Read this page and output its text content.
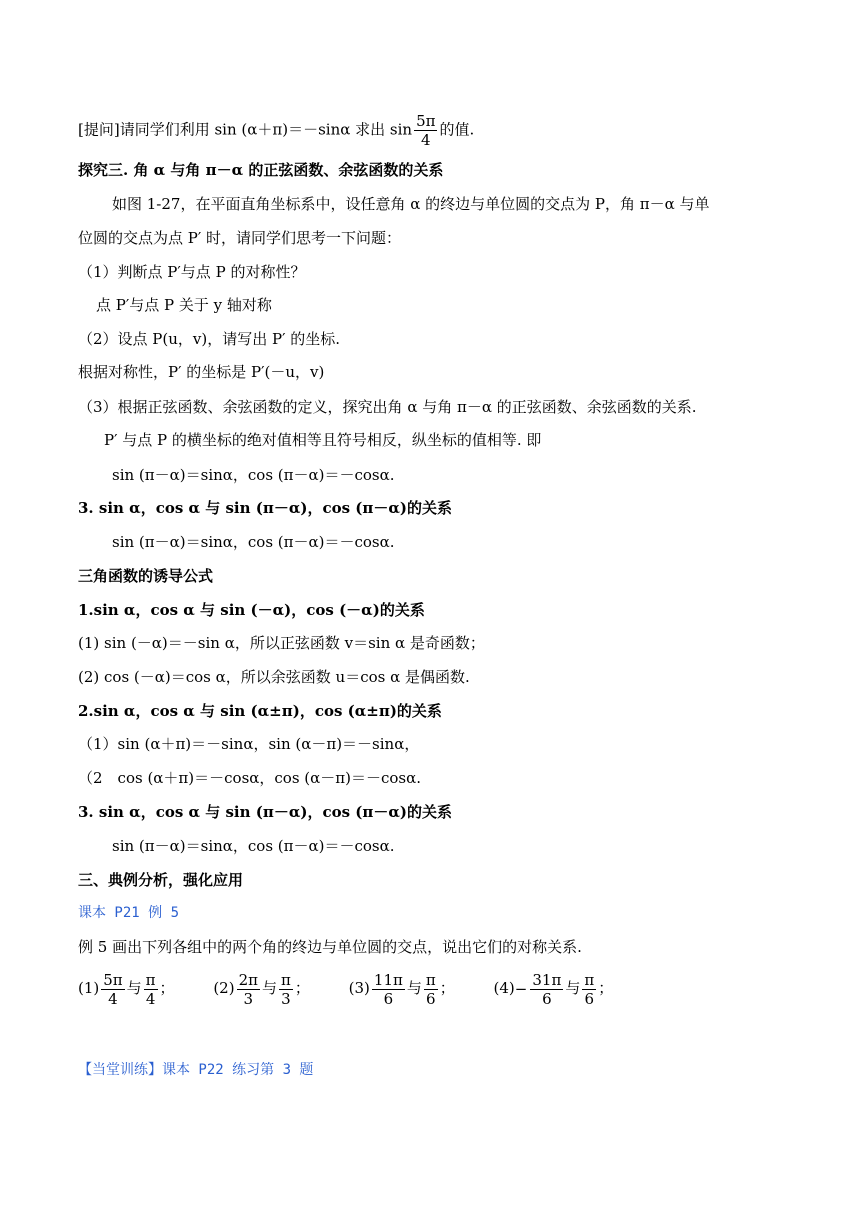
[提问]请同学们利用 sin (α＋π)＝－sinα 求出 $\sin \frac{5\pi}{4}$ 的值.
探究三. 角 α 与角 π－α 的正弦函数、余弦函数的关系
如图 1-27，在平面直角坐标系中，设任意角 α 的终边与单位圆的交点为 P，角 π－α 与单
位圆的交点为点 P′ 时，请同学们思考一下问题：
（1）判断点 P′与点 P 的对称性？
点 P′与点 P 关于 y 轴对称
（2）设点 P(u，v)，请写出 P′ 的坐标.
根据对称性，P′ 的坐标是 P′(－u，v)
（3）根据正弦函数、余弦函数的定义，探究出角 α 与角 π－α 的正弦函数、余弦函数的关系.
P′ 与点 P 的横坐标的绝对值相等且符号相反，纵坐标的值相等. 即
sin (π－α)＝sinα，cos (π－α)＝－cosα.
3. sin α，cos α 与 sin (π－α)，cos (π－α)的关系
sin (π－α)＝sinα，cos (π－α)＝－cosα.
三角函数的诱导公式
1.sin α，cos α 与 sin (－α)，cos (－α)的关系
(1) sin (－α)＝－sin α，所以正弦函数 v＝sin α 是奇函数；
(2) cos (－α)＝cos α，所以余弦函数 u＝cos α 是偶函数.
2.sin α，cos α 与 sin (α±π)，cos (α±π)的关系
（1）sin (α＋π)＝－sinα，sin (α－π)＝－sinα，
（2　cos (α＋π)＝－cosα，cos (α－π)＝－cosα.
3. sin α，cos α 与 sin (π－α)，cos (π－α)的关系
sin (π－α)＝sinα，cos (π－α)＝－cosα.
三、典例分析，强化应用
课本 P21 例 5
例 5 画出下列各组中的两个角的终边与单位圆的交点，说出它们的对称关系.
$(1) \frac{5\pi}{4}$ 与 $\frac{\pi}{4}$ ；	$(2) \frac{2\pi}{3}$ 与 $\frac{\pi}{3}$ ；	$(3) \frac{11\pi}{6}$ 与 $\frac{\pi}{6}$ ；	$(4)- \frac{31\pi}{6}$ 与 $\frac{\pi}{6}$ ；
【当堂训练】课本 P22 练习第 3 题
